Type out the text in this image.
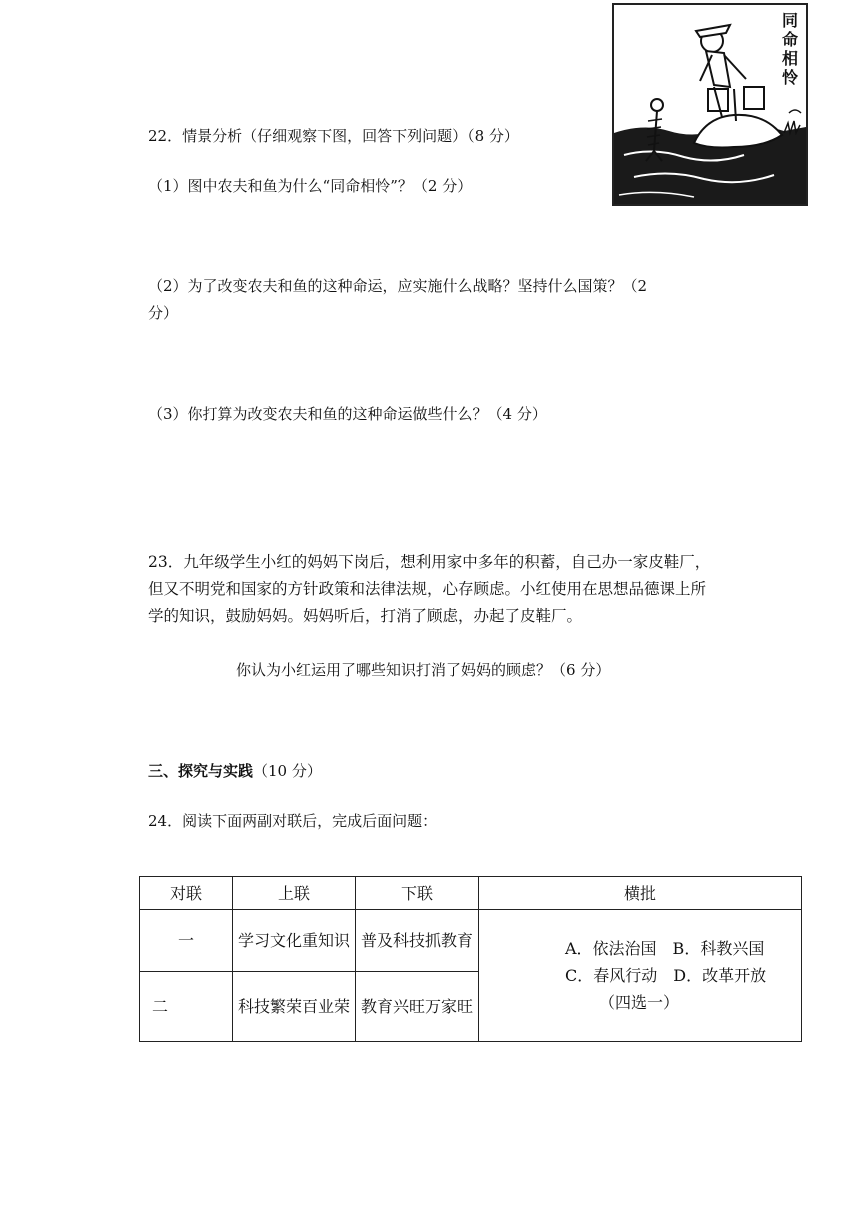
同命相怜
22．情景分析（仔细观察下图，回答下列问题）（8 分）
（1）图中农夫和鱼为什么“同命相怜”？（2 分）
（2）为了改变农夫和鱼的这种命运，应实施什么战略？坚持什么国策？（2
分）
（3）你打算为改变农夫和鱼的这种命运做些什么？（4 分）
23．九年级学生小红的妈妈下岗后，想利用家中多年的积蓄，自己办一家皮鞋厂，但又不明党和国家的方针政策和法律法规，心存顾虑。小红使用在思想品德课上所学的知识，鼓励妈妈。妈妈听后，打消了顾虑，办起了皮鞋厂。
你认为小红运用了哪些知识打消了妈妈的顾虑？（6 分）
三、探究与实践（10 分）
24．阅读下面两副对联后，完成后面问题：
对联	上联	下联	横批
一	学习文化重知识	普及科技抓教育	A．依法治国　B．科教兴国
C．春风行动　D．改革开放
（四选一）

二	科技繁荣百业荣	教育兴旺万家旺	
